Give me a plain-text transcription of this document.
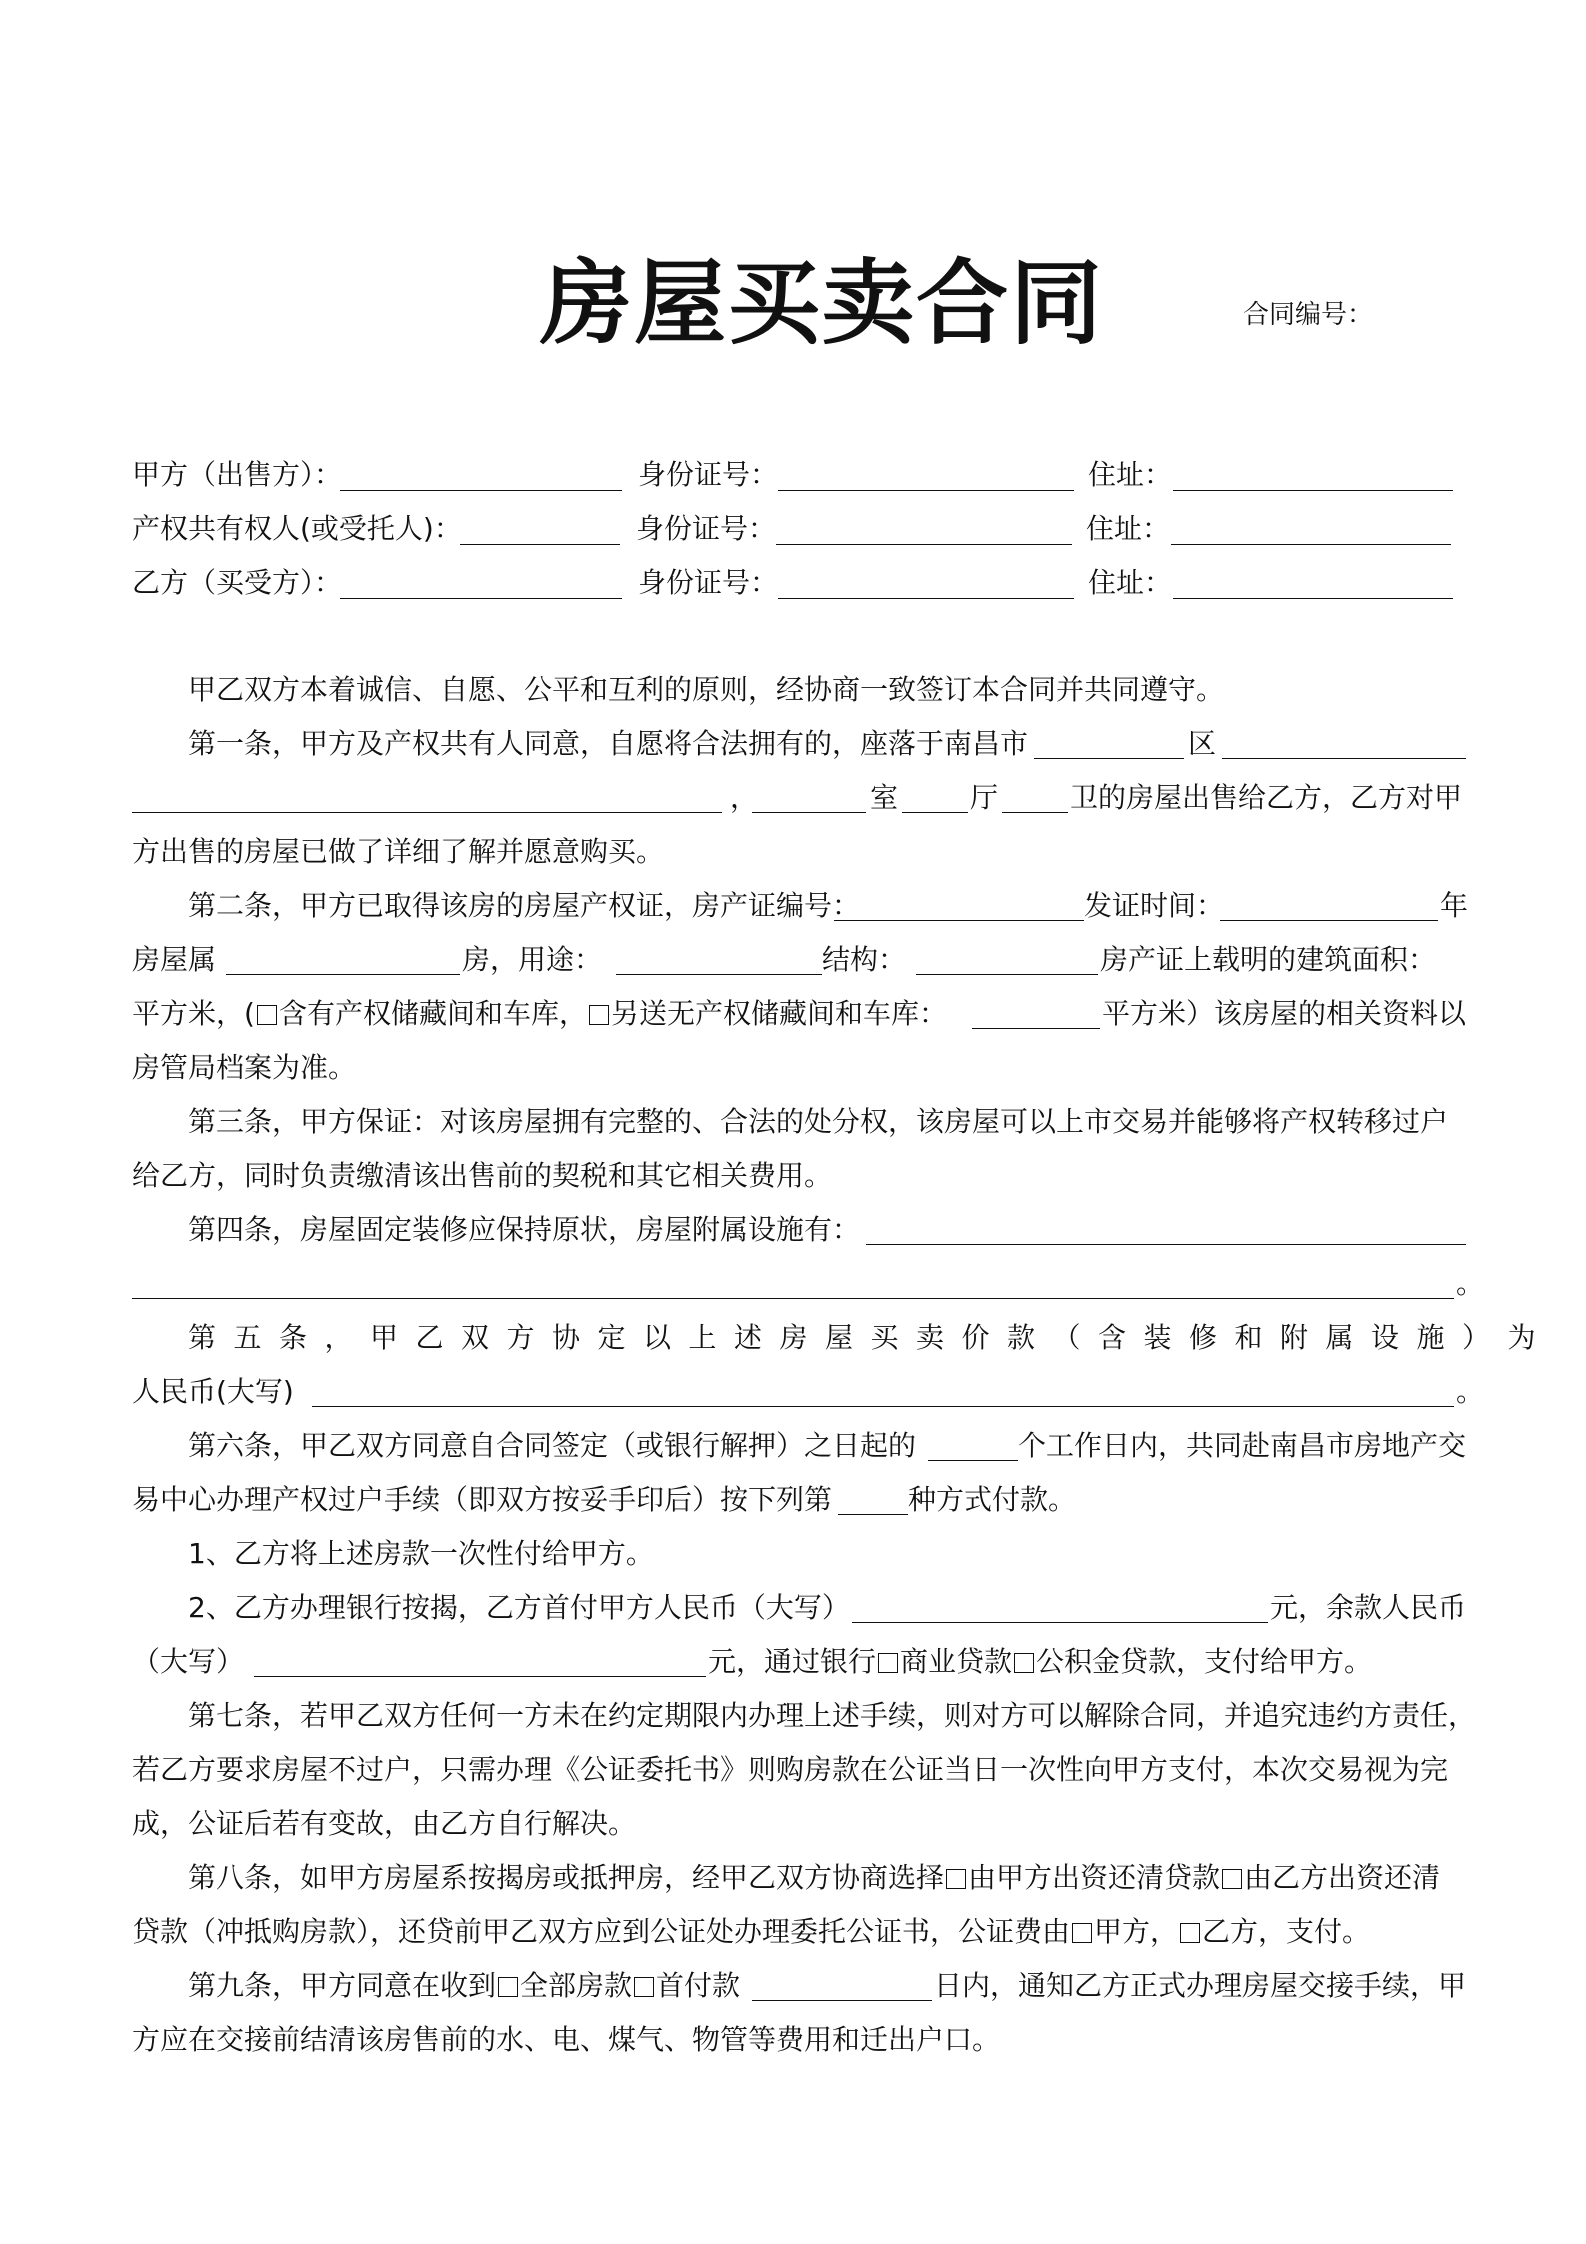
房屋买卖合同	合同编号：
甲方（出售方）：	身份证号：	住址：
产权共有权人(或受托人)：	身份证号：	住址：
乙方（买受方）：	身份证号：	住址：
甲乙双方本着诚信、自愿、公平和互利的原则，经协商一致签订本合同并共同遵守。
第一条，甲方及产权共有人同意，自愿将合法拥有的，座落于南昌市	区
，	室	厅	卫的房屋出售给乙方，乙方对甲
方出售的房屋已做了详细了解并愿意购买。
第二条，甲方已取得该房的房屋产权证，房产证编号：	发证时间：	年
房屋属	房，用途：	结构：	房产证上载明的建筑面积：
平方米，( 含有产权储藏间和车库， 另送无产权储藏间和车库：	平方米）该房屋的相关资料以
房管局档案为准。
第三条，甲方保证：对该房屋拥有完整的、合法的处分权，该房屋可以上市交易并能够将产权转移过户
给乙方，同时负责缴清该出售前的契税和其它相关费用。
第四条，房屋固定装修应保持原状，房屋附属设施有：
。
第五条，甲乙双方协定以上述房屋买卖价款（含装修和附属设施）为
人民币(大写)	。
第六条，甲乙双方同意自合同签定（或银行解押）之日起的	个工作日内，共同赴南昌市房地产交
易中心办理产权过户手续（即双方按妥手印后）按下列第	种方式付款。
1、乙方将上述房款一次性付给甲方。
2、乙方办理银行按揭，乙方首付甲方人民币（大写）	元，余款人民币
（大写）	元，通过银行 商业贷款 公积金贷款，支付给甲方。
第七条，若甲乙双方任何一方未在约定期限内办理上述手续，则对方可以解除合同，并追究违约方责任，
若乙方要求房屋不过户，只需办理《公证委托书》则购房款在公证当日一次性向甲方支付，本次交易视为完
成，公证后若有变故，由乙方自行解决。
第八条，如甲方房屋系按揭房或抵押房，经甲乙双方协商选择 由甲方出资还清贷款 由乙方出资还清
贷款（冲抵购房款），还贷前甲乙双方应到公证处办理委托公证书，公证费由 甲方， 乙方，支付。
第九条，甲方同意在收到 全部房款 首付款	日内，通知乙方正式办理房屋交接手续，甲
方应在交接前结清该房售前的水、电、煤气、物管等费用和迁出户口。
